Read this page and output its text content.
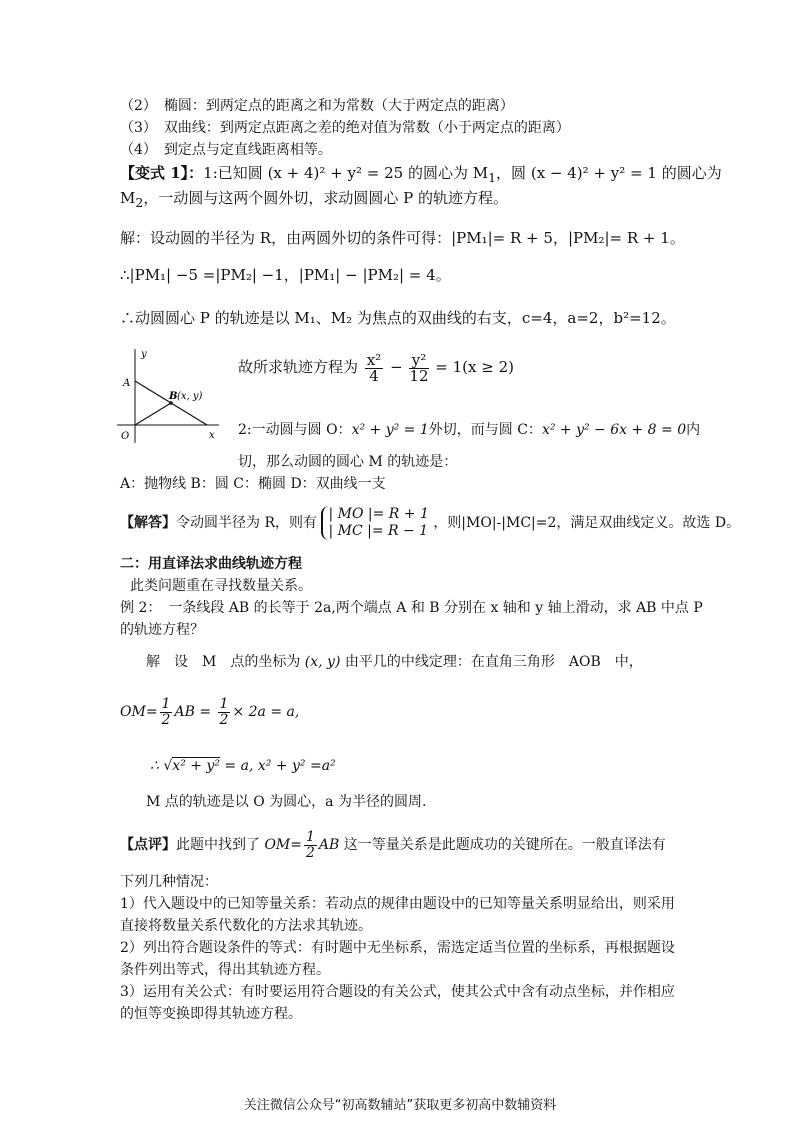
（2）　椭圆：到两定点的距离之和为常数（大于两定点的距离）
（3）　双曲线：到两定点距离之差的绝对值为常数（小于两定点的距离）
（4）　到定点与定直线距离相等。
【变式 1】：1:已知圆 (x + 4)² + y² = 25 的圆心为 $M_1$，圆 (x − 4)² + y² = 1 的圆心为
$M_2$，一动圆与这两个圆外切，求动圆圆心 P 的轨迹方程。
解：设动圆的半径为 R，由两圆外切的条件可得：|PM₁|= R + 5，|PM₂|= R + 1。
∴|PM₁| −5 =|PM₂| −1，|PM₁| − |PM₂| = 4。
∴动圆圆心 P 的轨迹是以 M₁、M₂ 为焦点的双曲线的右支，c=4，a=2，b²=12。
y
x
O
A
B (x, y)
故所求轨迹方程为 $\frac{\text{x²}}{4} - \frac{\text{y²}}{12} = 1(x \ge 2)$
2:一动圆与圆 O：x² + y² = 1外切，而与圆 C：x² + y² − 6x + 8 = 0内
切，那么动圆的圆心 M 的轨迹是：
A：抛物线 B：圆 C：椭圆 D：双曲线一支
【解答】令动圆半径为 R，则有
| MO |= R + 1
| MC |= R − 1 ，则|MO|-|MC|=2，满足双曲线定义。故选 D。
二：用直译法求曲线轨迹方程
此类问题重在寻找数量关系。
例 2：　一条线段 AB 的长等于 2a,两个端点 A 和 B 分别在 x 轴和 y 轴上滑动，求 AB 中点 P
的轨迹方程？
解　设　M　点的坐标为 (x, y) 由平几的中线定理：在直角三角形　AOB　中，
$OM= \frac{1}{2}$ AB = $\frac{1}{2} \times 2a = a$,
∴ √x² + y² = a, x² + y² =a²
M 点的轨迹是以 O 为圆心，a 为半径的圆周.
【点评】此题中找到了 $OM= \frac{1}{2}$ AB 这一等量关系是此题成功的关键所在。一般直译法有
下列几种情况：
1）代入题设中的已知等量关系：若动点的规律由题设中的已知等量关系明显给出，则采用
直接将数量关系代数化的方法求其轨迹。
2）列出符合题设条件的等式：有时题中无坐标系，需选定适当位置的坐标系，再根据题设
条件列出等式，得出其轨迹方程。
3）运用有关公式：有时要运用符合题设的有关公式，使其公式中含有动点坐标，并作相应
的恒等变换即得其轨迹方程。
关注微信公众号“初高数辅站”获取更多初高中数辅资料
